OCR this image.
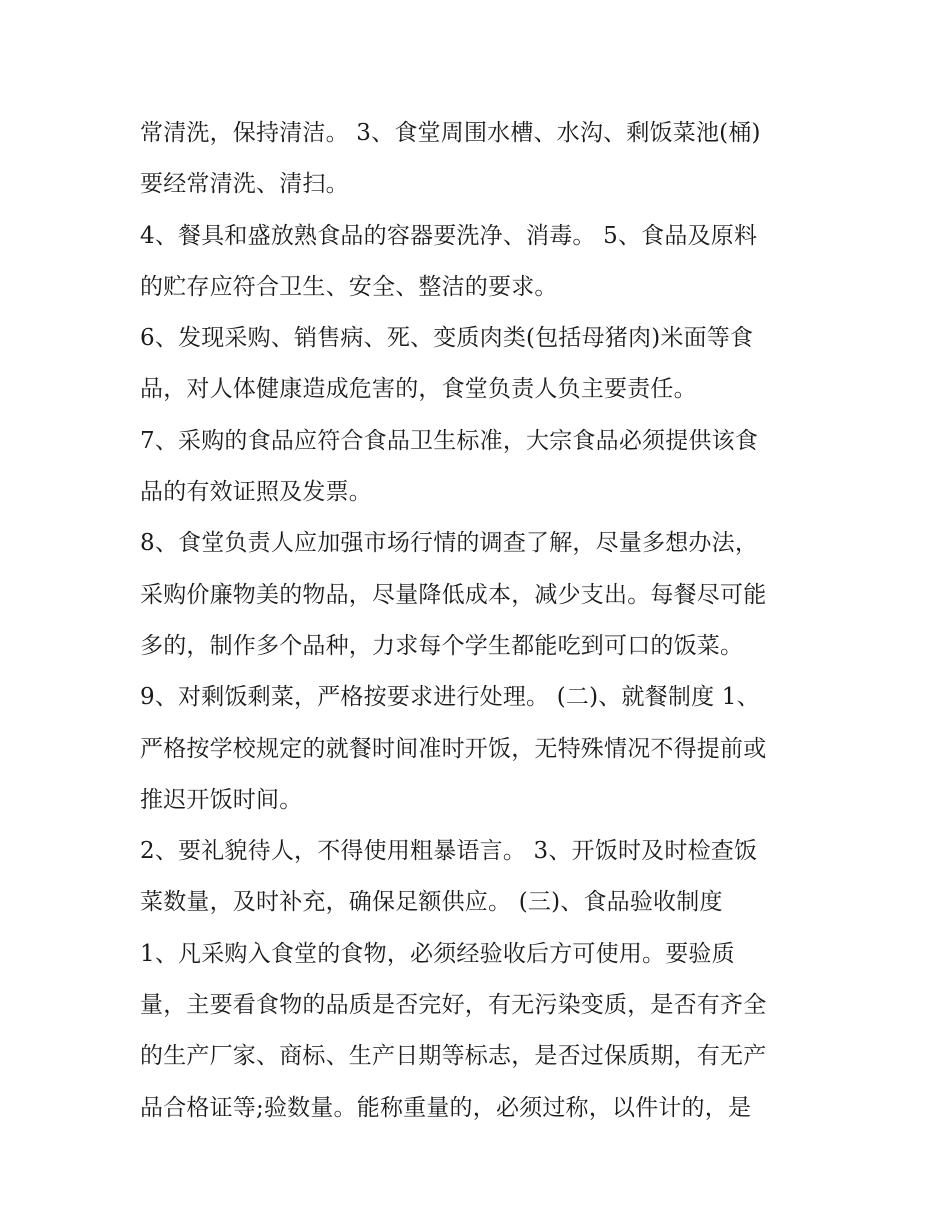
常清洗，保持清洁。 3、食堂周围水槽、水沟、剩饭菜池(桶)
要经常清洗、清扫。
4、餐具和盛放熟食品的容器要洗净、消毒。 5、食品及原料
的贮存应符合卫生、安全、整洁的要求。
6、发现采购、销售病、死、变质肉类(包括母猪肉)米面等食
品，对人体健康造成危害的，食堂负责人负主要责任。
7、采购的食品应符合食品卫生标准，大宗食品必须提供该食
品的有效证照及发票。
8、食堂负责人应加强市场行情的调查了解，尽量多想办法，
采购价廉物美的物品，尽量降低成本，减少支出。每餐尽可能
多的，制作多个品种，力求每个学生都能吃到可口的饭菜。
9、对剩饭剩菜，严格按要求进行处理。 (二)、就餐制度 1、
严格按学校规定的就餐时间准时开饭，无特殊情况不得提前或
推迟开饭时间。
2、要礼貌待人，不得使用粗暴语言。 3、开饭时及时检查饭
菜数量，及时补充，确保足额供应。 (三)、食品验收制度
1、凡采购入食堂的食物，必须经验收后方可使用。要验质
量，主要看食物的品质是否完好，有无污染变质，是否有齐全
的生产厂家、商标、生产日期等标志，是否过保质期，有无产
品合格证等;验数量。能称重量的，必须过称，以件计的，是
